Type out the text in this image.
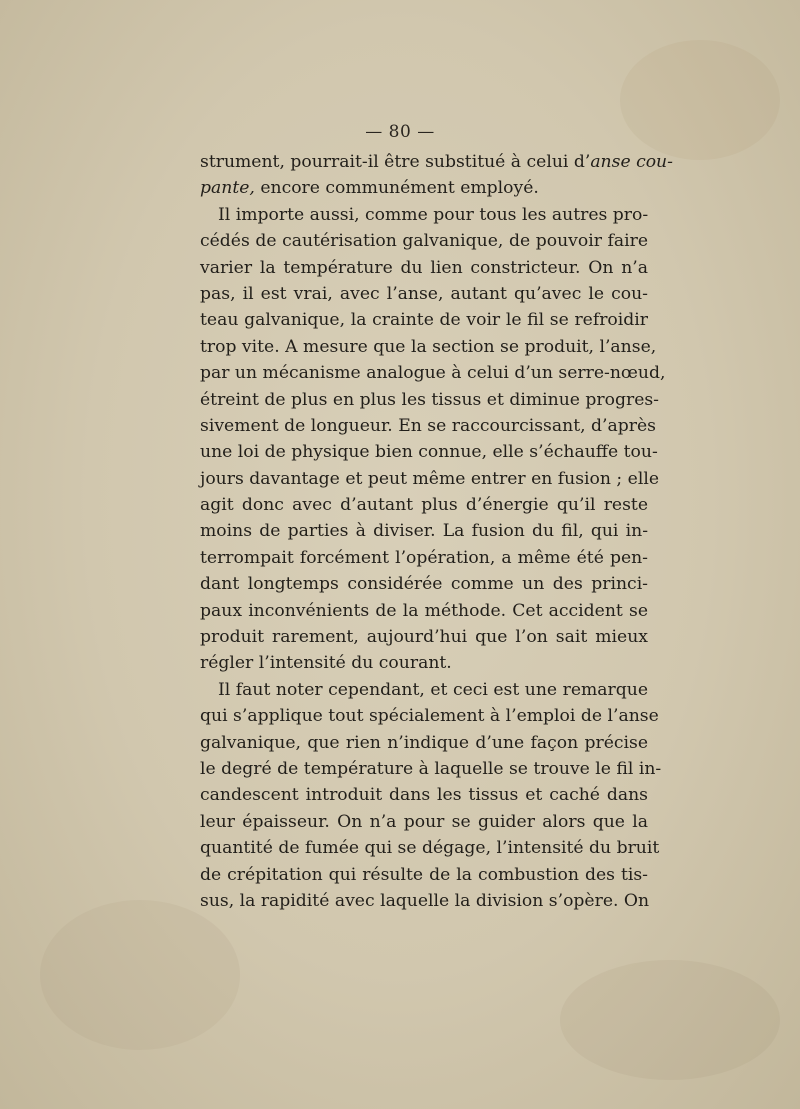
— 80 —
strument, pourrait-il être substitué à celui d’anse cou-
pante, encore communément employé.
Il importe aussi, comme pour tous les autres pro-
cédés de cautérisation galvanique, de pouvoir faire
varier la température du lien constricteur. On n’a
pas, il est vrai, avec l’anse, autant qu’avec le cou-
teau galvanique, la crainte de voir le fil se refroidir
trop vite. A mesure que la section se produit, l’anse,
par un mécanisme analogue à celui d’un serre-nœud,
étreint de plus en plus les tissus et diminue progres-
sivement de longueur. En se raccourcissant, d’après
une loi de physique bien connue, elle s’échauffe tou-
jours davantage et peut même entrer en fusion ; elle
agit donc avec d’autant plus d’énergie qu’il reste
moins de parties à diviser. La fusion du fil, qui in-
terrompait forcément l’opération, a même été pen-
dant longtemps considérée comme un des princi-
paux inconvénients de la méthode. Cet accident se
produit rarement, aujourd’hui que l’on sait mieux
régler l’intensité du courant.
Il faut noter cependant, et ceci est une remarque
qui s’applique tout spécialement à l’emploi de l’anse
galvanique, que rien n’indique d’une façon précise
le degré de température à laquelle se trouve le fil in-
candescent introduit dans les tissus et caché dans
leur épaisseur. On n’a pour se guider alors que la
quantité de fumée qui se dégage, l’intensité du bruit
de crépitation qui résulte de la combustion des tis-
sus, la rapidité avec laquelle la division s’opère. On
